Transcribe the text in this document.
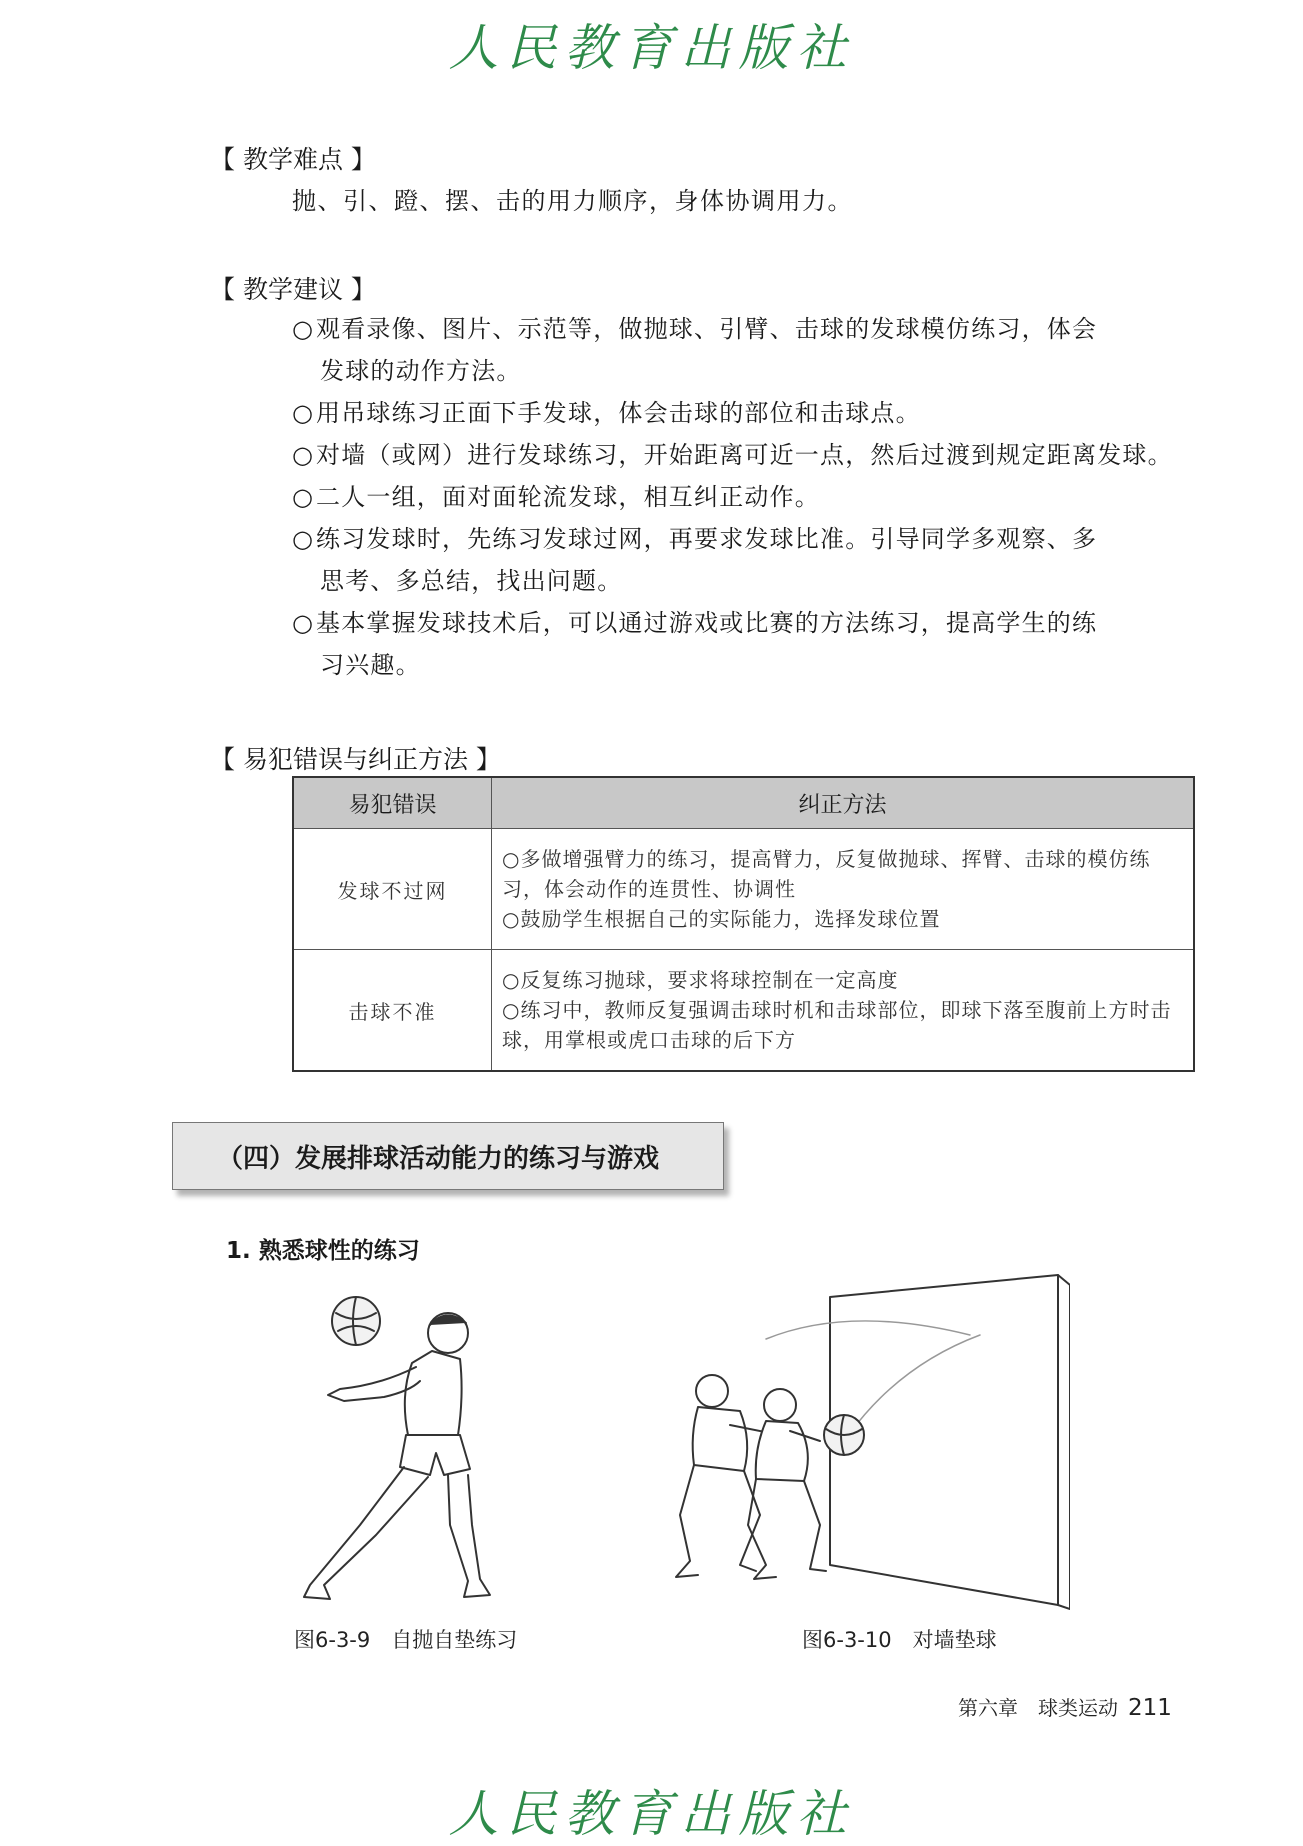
人民教育出版社
【 教学难点 】
抛、引、蹬、摆、击的用力顺序，身体协调用力。
【 教学建议 】
○观看录像、图片、示范等，做抛球、引臂、击球的发球模仿练习，体会
发球的动作方法。
○用吊球练习正面下手发球，体会击球的部位和击球点。
○对墙（或网）进行发球练习，开始距离可近一点，然后过渡到规定距离发球。
○二人一组，面对面轮流发球，相互纠正动作。
○练习发球时，先练习发球过网，再要求发球比准。引导同学多观察、多
思考、多总结，找出问题。
○基本掌握发球技术后，可以通过游戏或比赛的方法练习，提高学生的练
习兴趣。
【 易犯错误与纠正方法 】
易犯错误	纠正方法
发球不过网	○多做增强臂力的练习，提高臂力，反复做抛球、挥臂、击球的模仿练习，体会动作的连贯性、协调性
○鼓励学生根据自己的实际能力，选择发球位置

击球不准	○反复练习抛球，要求将球控制在一定高度
○练习中，教师反复强调击球时机和击球部位，即球下落至腹前上方时击球，用掌根或虎口击球的后下方
（四）发展排球活动能力的练习与游戏
1. 熟悉球性的练习
图6-3-9　自抛自垫练习	图6-3-10　对墙垫球
第六章　球类运动 211
人民教育出版社
